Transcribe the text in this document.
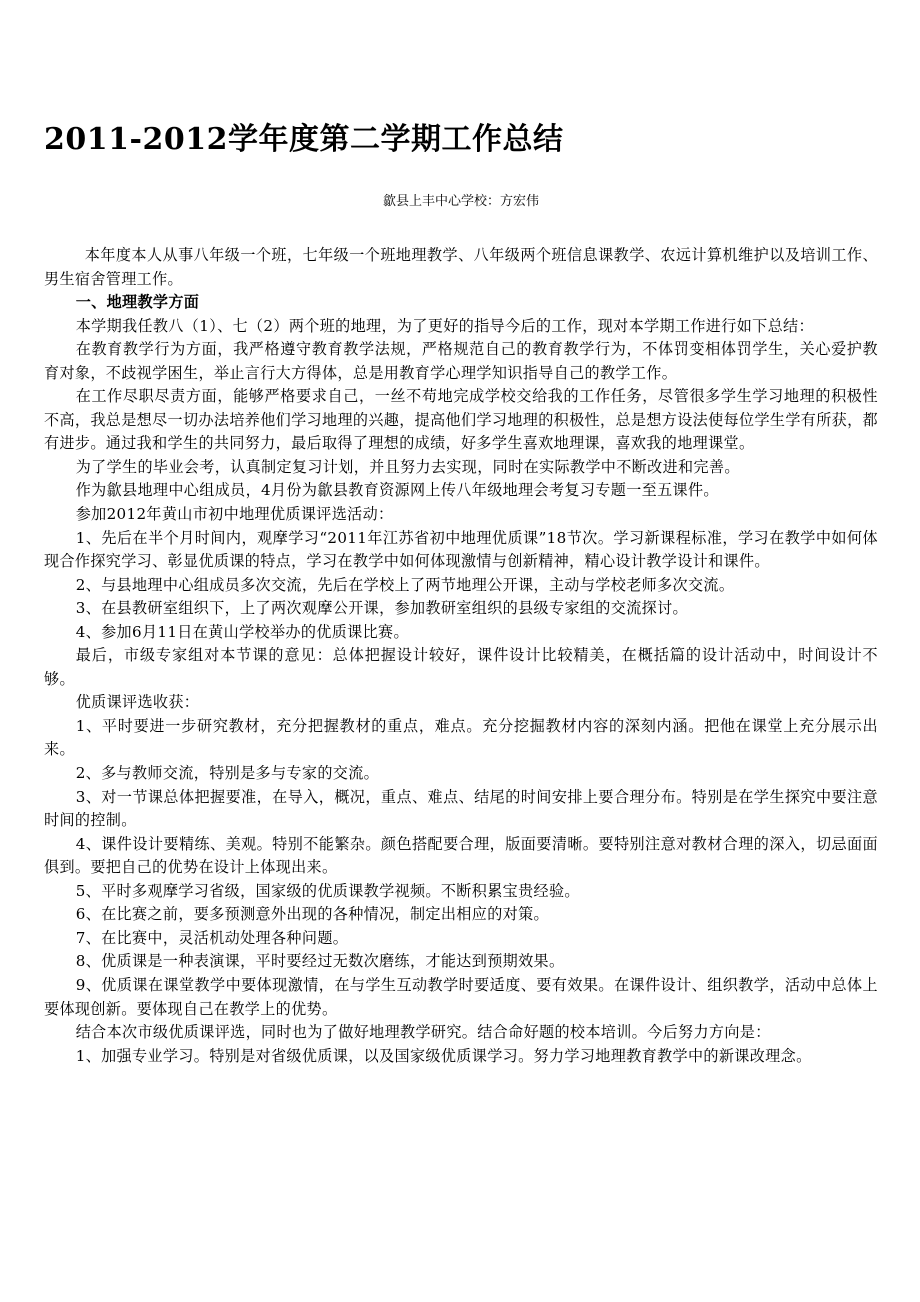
2011-2012学年度第二学期工作总结

歙县上丰中心学校：方宏伟

本年度本人从事八年级一个班，七年级一个班地理教学、八年级两个班信息课教学、农远计算机维护以及培训工作、男生宿舍管理工作。

一、地理教学方面

本学期我任教八（1）、七（2）两个班的地理，为了更好的指导今后的工作，现对本学期工作进行如下总结：

在教育教学行为方面，我严格遵守教育教学法规，严格规范自己的教育教学行为，不体罚变相体罚学生，关心爱护教育对象，不歧视学困生，举止言行大方得体，总是用教育学心理学知识指导自己的教学工作。

在工作尽职尽责方面，能够严格要求自己，一丝不苟地完成学校交给我的工作任务，尽管很多学生学习地理的积极性不高，我总是想尽一切办法培养他们学习地理的兴趣，提高他们学习地理的积极性，总是想方设法使每位学生学有所获，都有进步。通过我和学生的共同努力，最后取得了理想的成绩，好多学生喜欢地理课，喜欢我的地理课堂。

为了学生的毕业会考，认真制定复习计划，并且努力去实现，同时在实际教学中不断改进和完善。

作为歙县地理中心组成员，4月份为歙县教育资源网上传八年级地理会考复习专题一至五课件。

参加2012年黄山市初中地理优质课评选活动：

1、先后在半个月时间内，观摩学习“2011年江苏省初中地理优质课”18节次。学习新课程标准，学习在教学中如何体现合作探究学习、彰显优质课的特点，学习在教学中如何体现激情与创新精神，精心设计教学设计和课件。

2、与县地理中心组成员多次交流，先后在学校上了两节地理公开课，主动与学校老师多次交流。

3、在县教研室组织下，上了两次观摩公开课，参加教研室组织的县级专家组的交流探讨。

4、参加6月11日在黄山学校举办的优质课比赛。

最后，市级专家组对本节课的意见：总体把握设计较好，课件设计比较精美，在概括篇的设计活动中，时间设计不够。

优质课评选收获：

1、平时要进一步研究教材，充分把握教材的重点，难点。充分挖掘教材内容的深刻内涵。把他在课堂上充分展示出来。

2、多与教师交流，特别是多与专家的交流。

3、对一节课总体把握要准，在导入，概况，重点、难点、结尾的时间安排上要合理分布。特别是在学生探究中要注意时间的控制。

4、课件设计要精练、美观。特别不能繁杂。颜色搭配要合理，版面要清晰。要特别注意对教材合理的深入，切忌面面俱到。要把自己的优势在设计上体现出来。

5、平时多观摩学习省级，国家级的优质课教学视频。不断积累宝贵经验。

6、在比赛之前，要多预测意外出现的各种情况，制定出相应的对策。

7、在比赛中，灵活机动处理各种问题。

8、优质课是一种表演课，平时要经过无数次磨练，才能达到预期效果。

9、优质课在课堂教学中要体现激情，在与学生互动教学时要适度、要有效果。在课件设计、组织教学，活动中总体上要体现创新。要体现自己在教学上的优势。

结合本次市级优质课评选，同时也为了做好地理教学研究。结合命好题的校本培训。今后努力方向是：

1、加强专业学习。特别是对省级优质课，以及国家级优质课学习。努力学习地理教育教学中的新课改理念。
